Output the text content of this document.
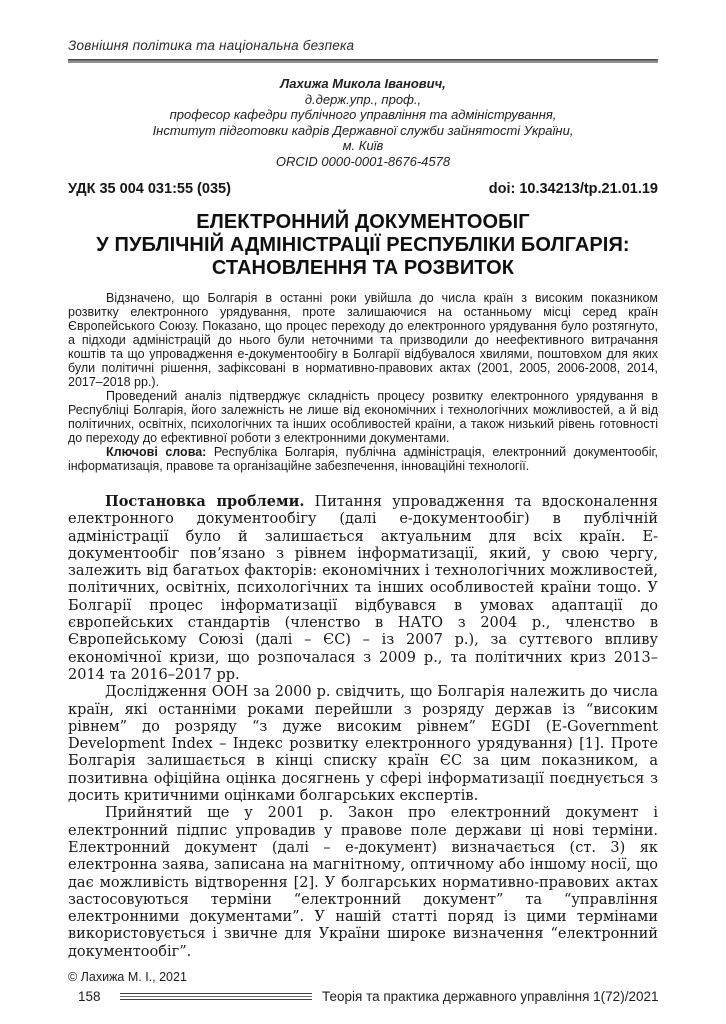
Зовнішня політика та національна безпека
Лахижа Микола Іванович,
д.держ.упр., проф.,
професор кафедри публічного управління та адміністрування,
Інститут підготовки кадрів Державної служби зайнятості України,
м. Київ
ORCID 0000-0001-8676-4578
УДК 35 004 031:55 (035)	doi: 10.34213/tp.21.01.19
ЕЛЕКТРОННИЙ ДОКУМЕНТООБІГ
У ПУБЛІЧНІЙ АДМІНІСТРАЦІЇ РЕСПУБЛІКИ БОЛГАРІЯ:
СТАНОВЛЕННЯ ТА РОЗВИТОК

Відзначено, що Болгарія в останні роки увійшла до числа країн з високим показником розвитку електронного урядування, проте залишаючися на останньому місці серед країн Європейського Союзу. Показано, що процес переходу до електронного урядування було розтягнуто, а підходи адміністрацій до нього були неточними та призводили до неефективного витрачання коштів та що упровадження е-документообігу в Болгарії відбувалося хвилями, поштовхом для яких були політичні рішення, зафіксовані в нормативно-правових актах (2001, 2005, 2006-2008, 2014, 2017–2018 рр.).

Проведений аналіз підтверджує складність процесу розвитку електронного урядування в Республіці Болгарія, його залежність не лише від економічних і технологічних можливостей, а й від політичних, освітніх, психологічних та інших особливостей країни, а також низький рівень готовності до переходу до ефективної роботи з електронними документами.

Ключові слова: Республіка Болгарія, публічна адміністрація, електронний документообіг, інформатизація, правове та організаційне забезпечення, інноваційні технології.

Постановка проблеми. Питання упровадження та вдосконалення електронного документообігу (далі е-документообіг) в публічній адміністрації було й залишається актуальним для всіх країн. Е-документообіг повʼязано з рівнем інформатизації, який, у свою чергу, залежить від багатьох факторів: економічних і технологічних можливостей, політичних, освітніх, психологічних та інших особливостей країни тощо. У Болгарії процес інформатизації відбувався в умовах адаптації до європейських стандартів (членство в НАТО з 2004 р., членство в Європейському Союзі (далі – ЄС) – із 2007 р.), за суттєвого впливу економічної кризи, що розпочалася з 2009 р., та політичних криз 2013–2014 та 2016–2017 рр.

Дослідження ООН за 2000 р. свідчить, що Болгарія належить до числа країн, які останніми роками перейшли з розряду держав із “високим рівнем” до розряду “з дуже високим рівнем” EGDI (E-Government Development Index – Індекс розвитку електронного урядування) [1]. Проте Болгарія залишається в кінці списку країн ЄС за цим показником, а позитивна офіційна оцінка досягнень у сфері інформатизації поєднується з досить критичними оцінками болгарських експертів.

Прийнятий ще у 2001 р. Закон про електронний документ і електронний підпис упровадив у правове поле держави ці нові терміни. Електронний документ (далі – е-документ) визначається (ст. 3) як електронна заява, записана на магнітному, оптичному або іншому носії, що дає можливість відтворення [2]. У болгарських нормативно-правових актах застосовуються терміни “електронний документ” та “управління електронними документами”. У нашій статті поряд із цими термінами використовується і звичне для України широке визначення “електронний документообіг”.

© Лахижа М. І., 2021
158	Теорія та практика державного управління 1(72)/2021
